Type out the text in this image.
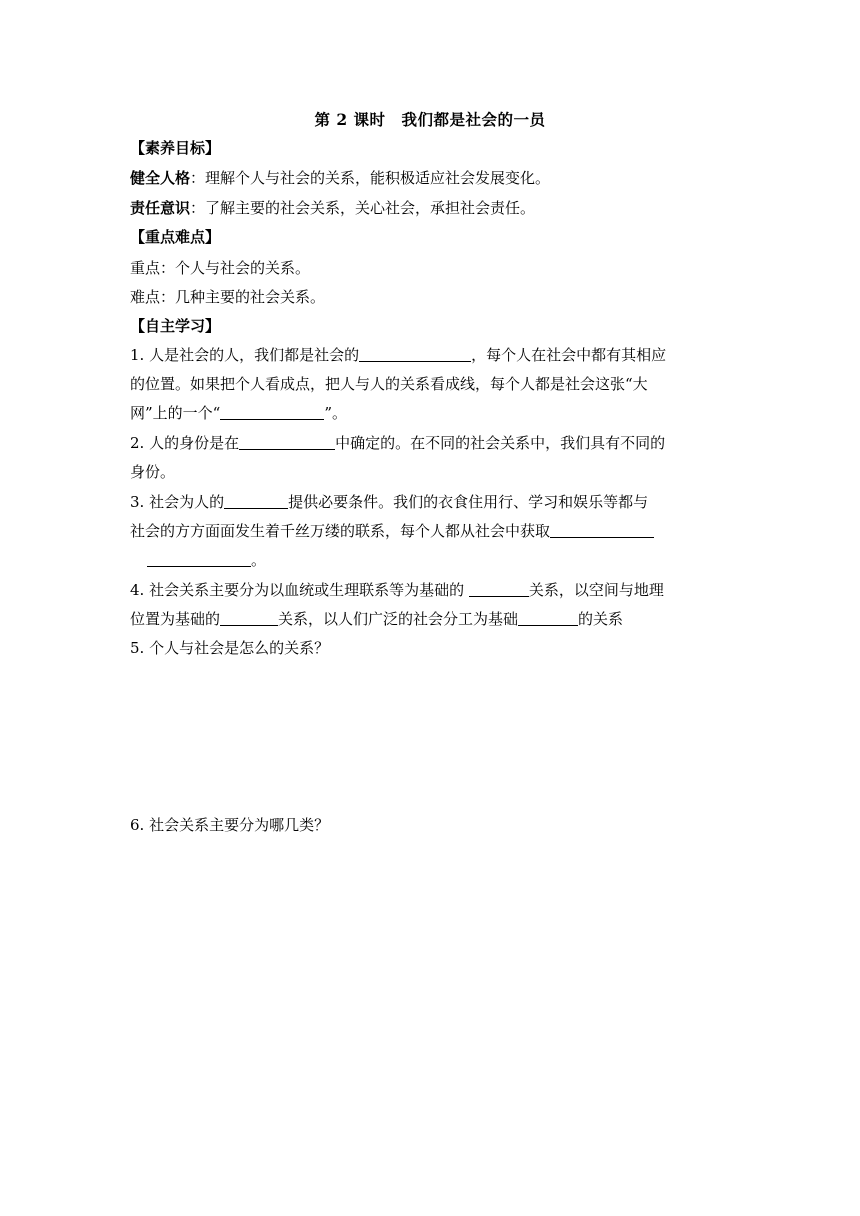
第 2 课时　我们都是社会的一员
【素养目标】
健全人格：理解个人与社会的关系，能积极适应社会发展变化。
责任意识：了解主要的社会关系，关心社会，承担社会责任。
【重点难点】
重点：个人与社会的关系。
难点：几种主要的社会关系。
【自主学习】
1. 人是社会的人，我们都是社会的	，每个人在社会中都有其相应
的位置。如果把个人看成点，把人与人的关系看成线，每个人都是社会这张“大
网”上的一个“	”。
2. 人的身份是在	中确定的。在不同的社会关系中，我们具有不同的
身份。
3. 社会为人的	提供必要条件。我们的衣食住用行、学习和娱乐等都与
社会的方方面面发生着千丝万缕的联系，每个人都从社会中获取
。
4. 社会关系主要分为以血统或生理联系等为基础的	关系，以空间与地理
位置为基础的	关系，以人们广泛的社会分工为基础	的关系
5. 个人与社会是怎么的关系？
6. 社会关系主要分为哪几类？
